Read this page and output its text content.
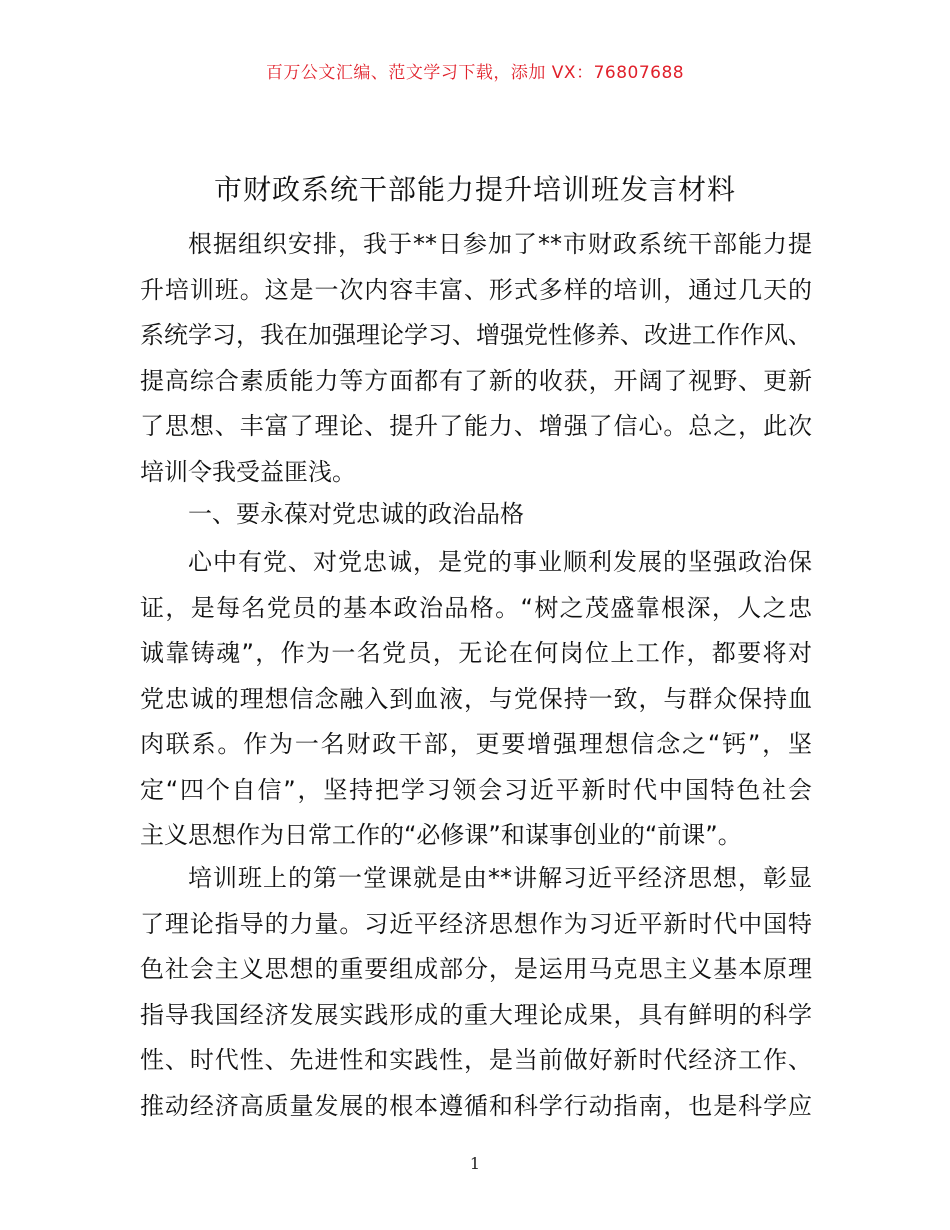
百万公文汇编、范文学习下载，添加 VX：76807688
市财政系统干部能力提升培训班发言材料
根据组织安排，我于**日参加了**市财政系统干部能力提
升培训班。这是一次内容丰富、形式多样的培训，通过几天的
系统学习，我在加强理论学习、增强党性修养、改进工作作风、
提高综合素质能力等方面都有了新的收获，开阔了视野、更新
了思想、丰富了理论、提升了能力、增强了信心。总之，此次
培训令我受益匪浅。
一、要永葆对党忠诚的政治品格
心中有党、对党忠诚，是党的事业顺利发展的坚强政治保
证，是每名党员的基本政治品格。“树之茂盛靠根深，人之忠
诚靠铸魂”，作为一名党员，无论在何岗位上工作，都要将对
党忠诚的理想信念融入到血液，与党保持一致，与群众保持血
肉联系。作为一名财政干部，更要增强理想信念之“钙”，坚
定“四个自信”，坚持把学习领会习近平新时代中国特色社会
主义思想作为日常工作的“必修课”和谋事创业的“前课”。
培训班上的第一堂课就是由**讲解习近平经济思想，彰显
了理论指导的力量。习近平经济思想作为习近平新时代中国特
色社会主义思想的重要组成部分，是运用马克思主义基本原理
指导我国经济发展实践形成的重大理论成果，具有鲜明的科学
性、时代性、先进性和实践性，是当前做好新时代经济工作、
推动经济高质量发展的根本遵循和科学行动指南，也是科学应
1
